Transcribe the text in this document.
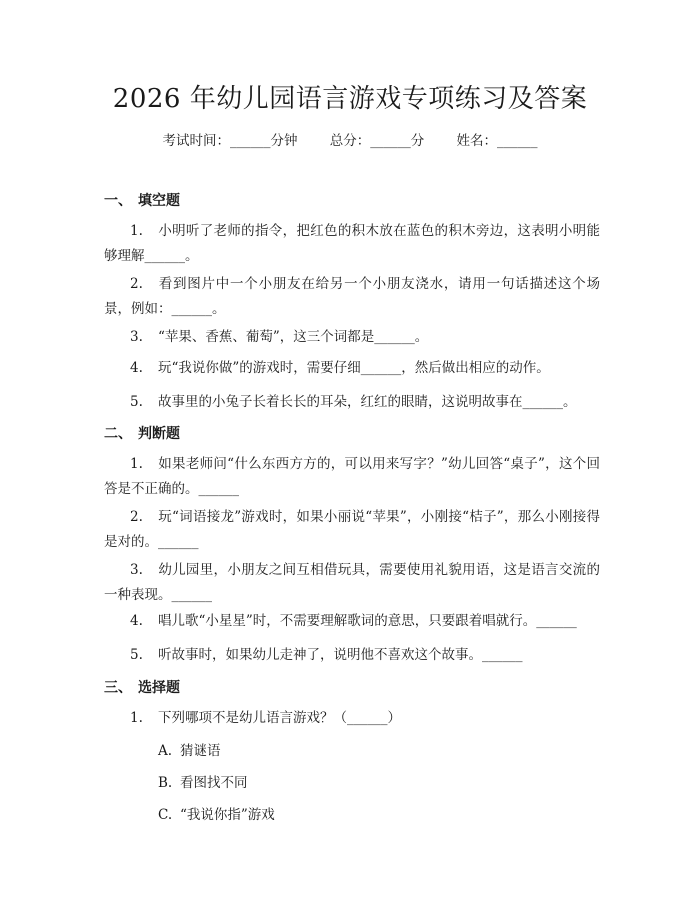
2026 年幼儿园语言游戏专项练习及答案
考试时间：______分钟 总分：______分 姓名：______
一、 填空题
1. 小明听了老师的指令，把红色的积木放在蓝色的积木旁边，这表明小明能够理解______。
2. 看到图片中一个小朋友在给另一个小朋友浇水，请用一句话描述这个场景，例如：______。
3. “苹果、香蕉、葡萄”，这三个词都是______。
4. 玩“我说你做”的游戏时，需要仔细______，然后做出相应的动作。
5. 故事里的小兔子长着长长的耳朵，红红的眼睛，这说明故事在______。
二、 判断题
1. 如果老师问“什么东西方方的，可以用来写字？”幼儿回答“桌子”，这个回答是不正确的。______
2. 玩“词语接龙”游戏时，如果小丽说“苹果”，小刚接“桔子”，那么小刚接得是对的。______
3. 幼儿园里，小朋友之间互相借玩具，需要使用礼貌用语，这是语言交流的一种表现。______
4. 唱儿歌“小星星”时，不需要理解歌词的意思，只要跟着唱就行。______
5. 听故事时，如果幼儿走神了，说明他不喜欢这个故事。______
三、 选择题
1. 下列哪项不是幼儿语言游戏？（______）
A. 猜谜语
B. 看图找不同
C. “我说你指”游戏
